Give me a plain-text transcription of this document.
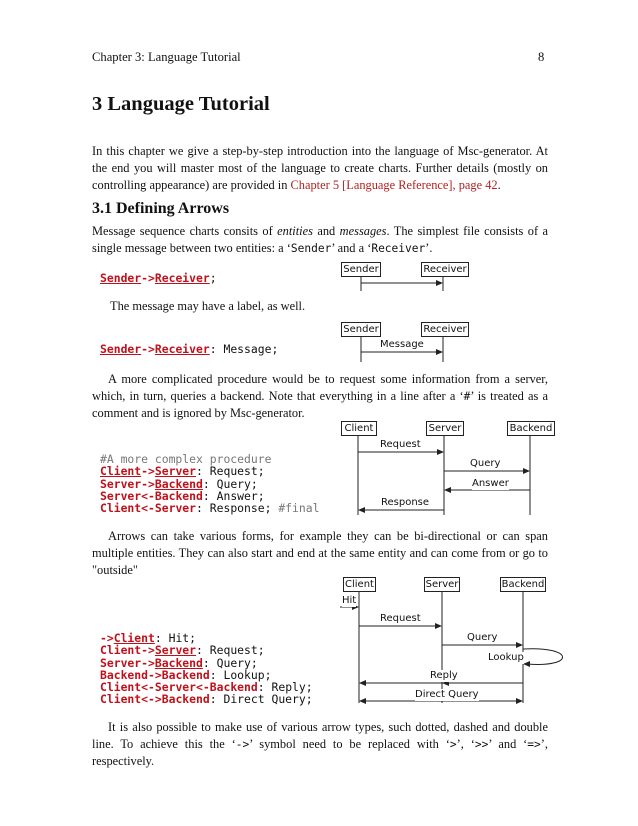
Chapter 3: Language Tutorial	8
3 Language Tutorial
In this chapter we give a step-by-step introduction into the language of Msc-generator. At the end you will master most of the language to create charts. Further details (mostly on controlling appearance) are provided in Chapter 5 [Language Reference], page 42.
3.1 Defining Arrows
Message sequence charts consits of entities and messages. The simplest file consists of a single message between two entities: a ‘Sender’ and a ‘Receiver’.
Sender->Receiver;
Sender	Receiver
The message may have a label, as well.
Sender->Receiver: Message;
Sender	Receiver
Message
A more complicated procedure would be to request some information from a server, which, in turn, queries a backend. Note that everything in a line after a ‘#’ is treated as a comment and is ignored by Msc-generator.
#A more complex procedure
Client->Server: Request;
Server->Backend: Query;
Server<-Backend: Answer;
Client<-Server: Response; #final
Client	Server	Backend
Request
Query
Answer
Response
Arrows can take various forms, for example they can be bi-directional or can span multiple entities. They can also start and end at the same entity and can come from or go to "outside"
->Client: Hit;
Client->Server: Request;
Server->Backend: Query;
Backend->Backend: Lookup;
Client<-Server<-Backend: Reply;
Client<->Backend: Direct Query;
Client	Server	Backend
Hit
Request
Query
Lookup
Reply
Direct Query
It is also possible to make use of various arrow types, such dotted, dashed and double line. To achieve this the ‘->’ symbol need to be replaced with ‘>’, ‘>>’ and ‘=>’, respectively.
